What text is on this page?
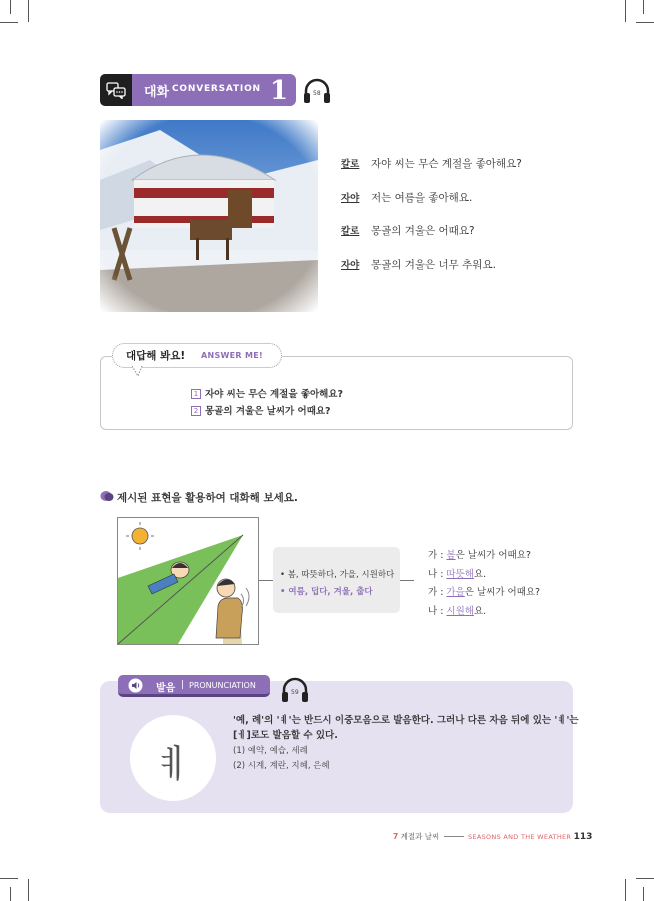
대화 CONVERSATION 1	58
칼로 자야 씨는 무슨 계절을 좋아해요?
자야 저는 여름을 좋아해요.
칼로 몽골의 겨울은 어때요?
자야 몽골의 겨울은 너무 추워요.
대답해 봐요! ANSWER ME!
1 자야 씨는 무슨 계절을 좋아해요?
2 몽골의 겨울은 날씨가 어때요?
제시된 표현을 활용하여 대화해 보세요.
• 봄, 따뜻하다, 가을, 시원하다
• 여름, 덥다, 겨울, 춥다
가 : 봄은 날씨가 어때요?
나 : 따뜻해요.
가 : 가을은 날씨가 어때요?
나 : 시원해요.
발음 | PRONUNCIATION
59
ㅖ
'예, 례'의 'ㅖ'는 반드시 이중모음으로 발음한다. 그러나 다른 자음 뒤에 있는 'ㅖ'는
[ㅔ]로도 발음할 수 있다.
(1) 예약, 예습, 세례
(2) 시계, 계란, 지혜, 은혜
7 계절과 날씨	SEASONS AND THE WEATHER 113
